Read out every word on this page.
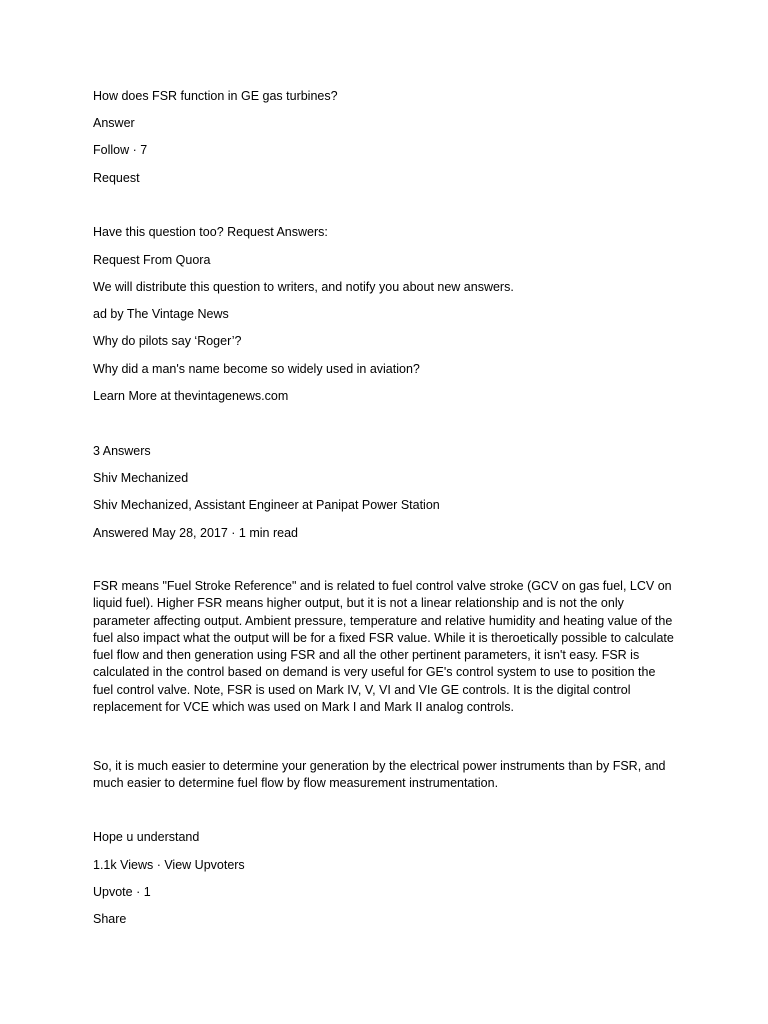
How does FSR function in GE gas turbines?

Answer

Follow · 7

Request

Have this question too? Request Answers:

Request From Quora

We will distribute this question to writers, and notify you about new answers.

ad by The Vintage News

Why do pilots say ‘Roger’?

Why did a man's name become so widely used in aviation?

Learn More at thevintagenews.com

3 Answers

Shiv Mechanized

Shiv Mechanized, Assistant Engineer at Panipat Power Station

Answered May 28, 2017 · 1 min read

FSR means "Fuel Stroke Reference" and is related to fuel control valve stroke (GCV on gas fuel, LCV on liquid fuel). Higher FSR means higher output, but it is not a linear relationship and is not the only parameter affecting output. Ambient pressure, temperature and relative humidity and heating value of the fuel also impact what the output will be for a fixed FSR value. While it is theroetically possible to calculate fuel flow and then generation using FSR and all the other pertinent parameters, it isn't easy. FSR is calculated in the control based on demand is very useful for GE's control system to use to position the fuel control valve. Note, FSR is used on Mark IV, V, VI and VIe GE controls. It is the digital control replacement for VCE which was used on Mark I and Mark II analog controls.

So, it is much easier to determine your generation by the electrical power instruments than by FSR, and much easier to determine fuel flow by flow measurement instrumentation.

Hope u understand

1.1k Views · View Upvoters

Upvote · 1

Share
